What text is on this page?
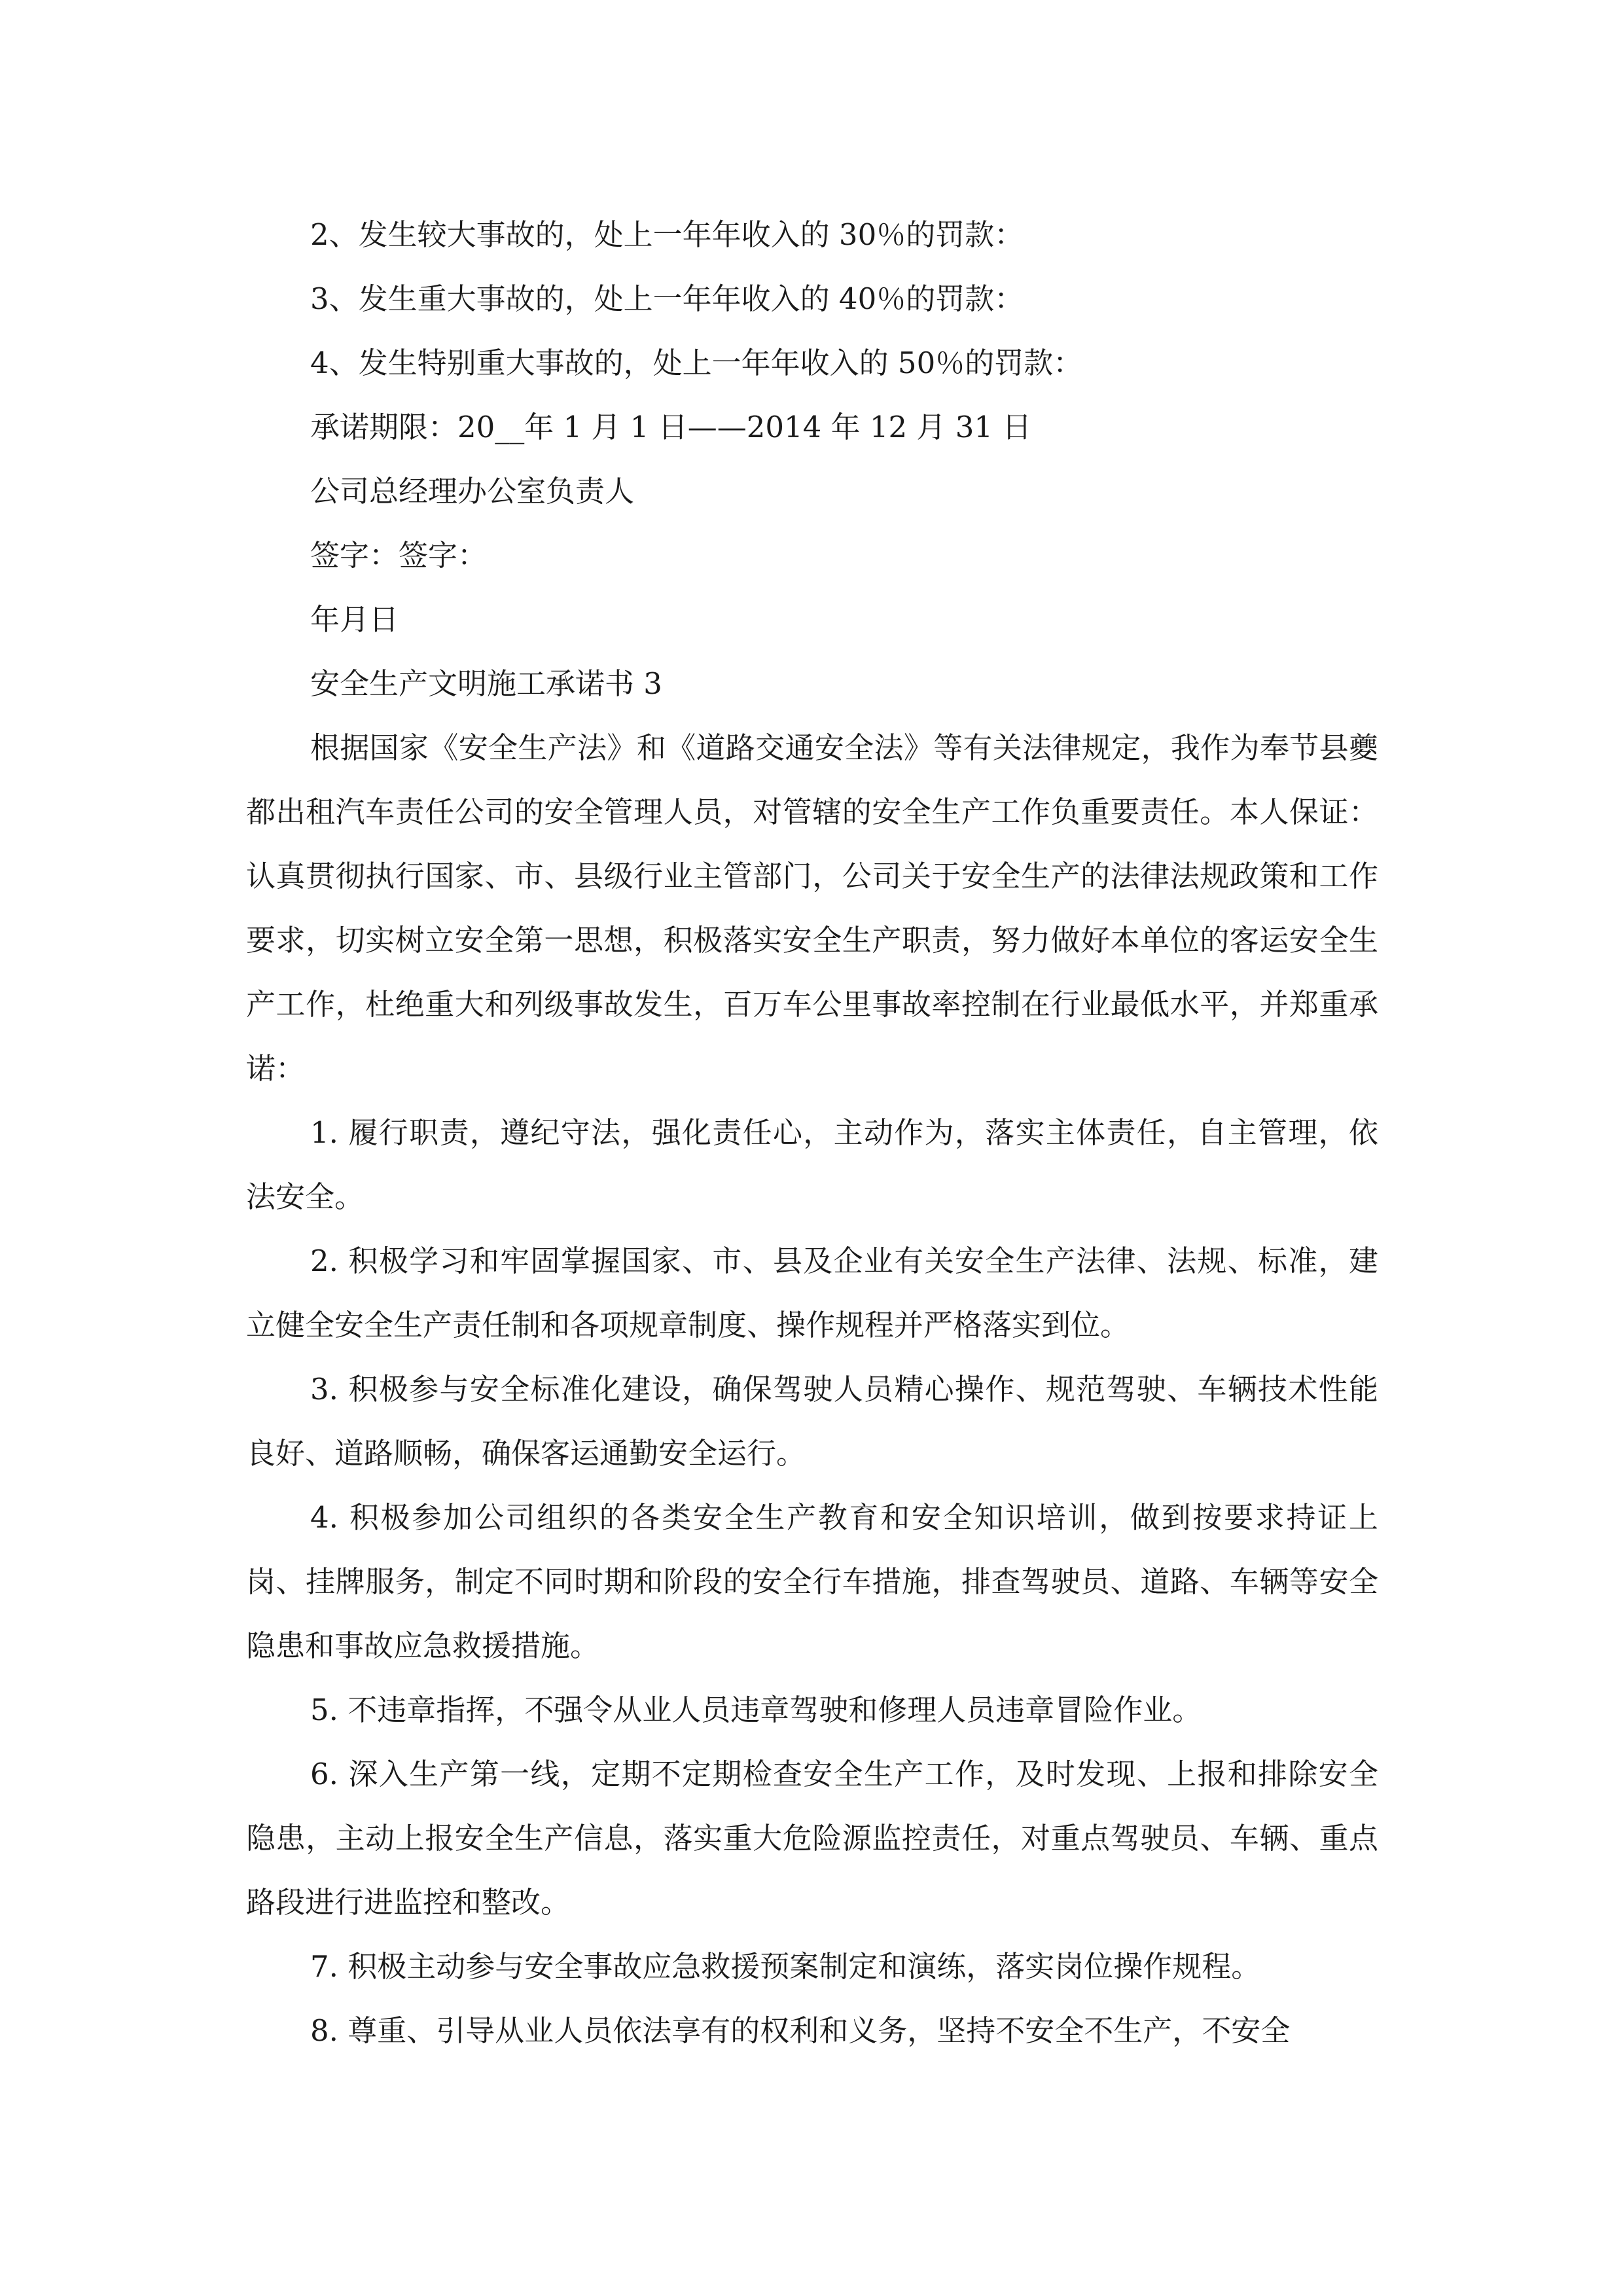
2、发生较大事故的，处上一年年收入的 30％的罚款：

3、发生重大事故的，处上一年年收入的 40％的罚款：

4、发生特别重大事故的，处上一年年收入的 50％的罚款：

承诺期限：20__年 1 月 1 日——2014 年 12 月 31 日

公司总经理办公室负责人

签字：签字：

年月日

安全生产文明施工承诺书 3

根据国家《安全生产法》和《道路交通安全法》等有关法律规定，我作为奉节县夔都出租汽车责任公司的安全管理人员，对管辖的安全生产工作负重要责任。本人保证：认真贯彻执行国家、市、县级行业主管部门，公司关于安全生产的法律法规政策和工作要求，切实树立安全第一思想，积极落实安全生产职责，努力做好本单位的客运安全生产工作，杜绝重大和列级事故发生，百万车公里事故率控制在行业最低水平，并郑重承诺：

1. 履行职责，遵纪守法，强化责任心，主动作为，落实主体责任，自主管理，依法安全。

2. 积极学习和牢固掌握国家、市、县及企业有关安全生产法律、法规、标准，建立健全安全生产责任制和各项规章制度、操作规程并严格落实到位。

3. 积极参与安全标准化建设，确保驾驶人员精心操作、规范驾驶、车辆技术性能良好、道路顺畅，确保客运通勤安全运行。

4. 积极参加公司组织的各类安全生产教育和安全知识培训，做到按要求持证上岗、挂牌服务，制定不同时期和阶段的安全行车措施，排查驾驶员、道路、车辆等安全隐患和事故应急救援措施。

5. 不违章指挥，不强令从业人员违章驾驶和修理人员违章冒险作业。

6. 深入生产第一线，定期不定期检查安全生产工作，及时发现、上报和排除安全隐患，主动上报安全生产信息，落实重大危险源监控责任，对重点驾驶员、车辆、重点路段进行进监控和整改。

7. 积极主动参与安全事故应急救援预案制定和演练，落实岗位操作规程。

8. 尊重、引导从业人员依法享有的权利和义务，坚持不安全不生产，不安全
